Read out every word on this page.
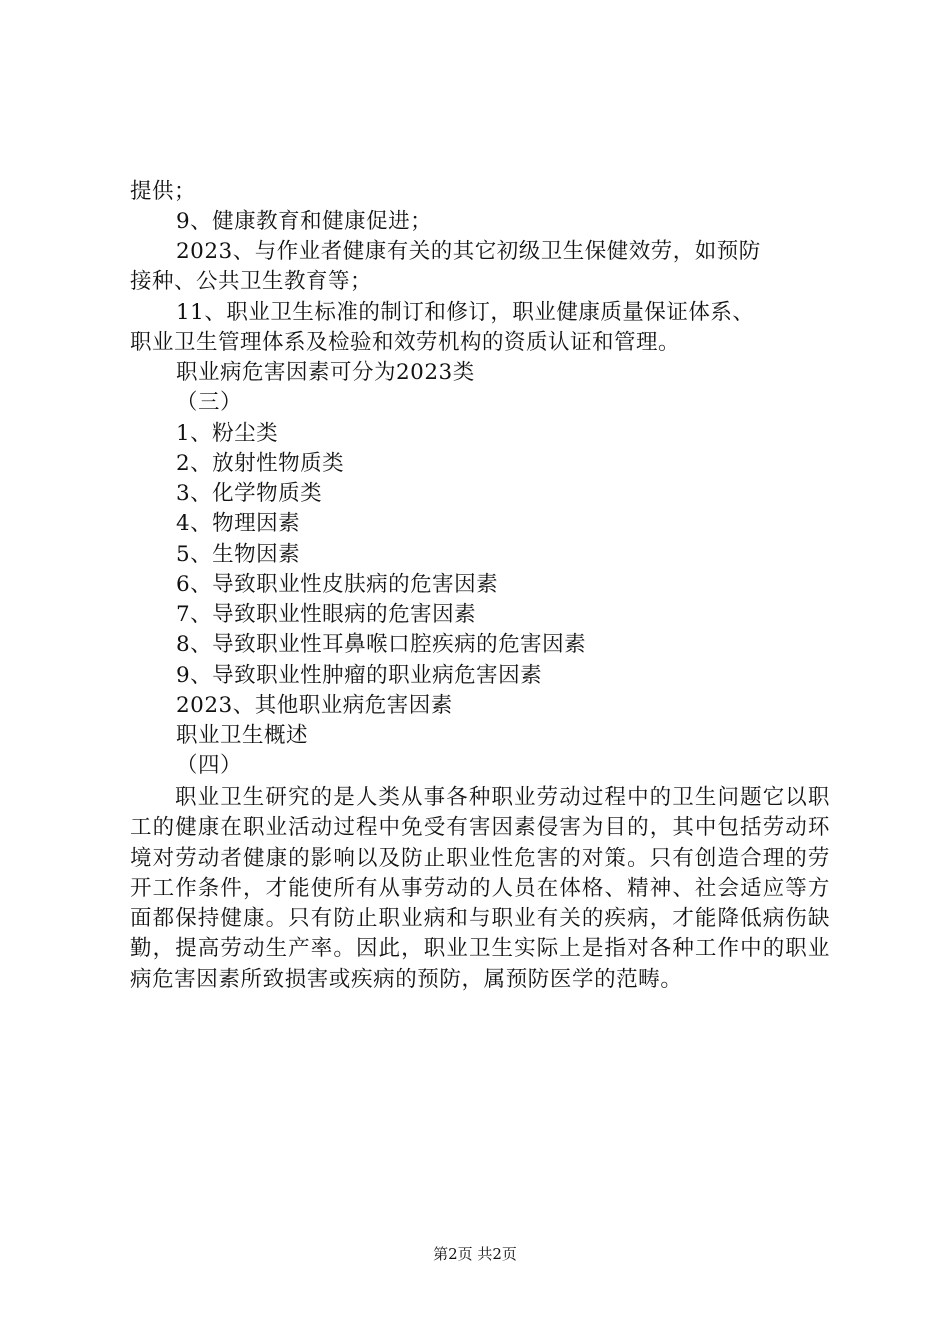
提供；
9、健康教育和健康促进；
2023、与作业者健康有关的其它初级卫生保健效劳，如预防
接种、公共卫生教育等；
11、职业卫生标准的制订和修订，职业健康质量保证体系、
职业卫生管理体系及检验和效劳机构的资质认证和管理。
职业病危害因素可分为2023类
（三）
1、粉尘类
2、放射性物质类
3、化学物质类
4、物理因素
5、生物因素
6、导致职业性皮肤病的危害因素
7、导致职业性眼病的危害因素
8、导致职业性耳鼻喉口腔疾病的危害因素
9、导致职业性肿瘤的职业病危害因素
2023、其他职业病危害因素
职业卫生概述
（四）
职业卫生研究的是人类从事各种职业劳动过程中的卫生问题它以职工的健康在职业活动过程中免受有害因素侵害为目的，其中包括劳动环境对劳动者健康的影响以及防止职业性危害的对策。只有创造合理的劳开工作条件，才能使所有从事劳动的人员在体格、精神、社会适应等方面都保持健康。只有防止职业病和与职业有关的疾病，才能降低病伤缺勤，提高劳动生产率。因此，职业卫生实际上是指对各种工作中的职业病危害因素所致损害或疾病的预防，属预防医学的范畴。
第2页 共2页
